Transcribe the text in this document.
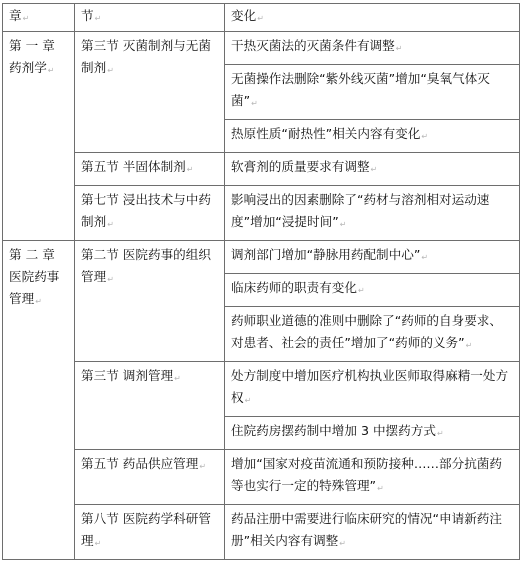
章↵	节↵	变化↵
第 一 章 药剂学↵	第三节 灭菌制剂与无菌制剂↵	干热灭菌法的灭菌条件有调整↵
		无菌操作法删除“紫外线灭菌”增加“臭氧气体灭菌”↵
		热原性质“耐热性”相关内容有变化↵
	第五节 半固体制剂↵	软膏剂的质量要求有调整↵
	第七节 浸出技术与中药制剂↵	影响浸出的因素删除了“药材与溶剂相对运动速度”增加“浸提时间”↵
第 二 章 医院药事管理↵	第二节 医院药事的组织管理↵	调剂部门增加“静脉用药配制中心”↵
		临床药师的职责有变化↵
		药师职业道德的准则中删除了“药师的自身要求、对患者、社会的责任”增加了“药师的义务”↵
	第三节 调剂管理↵	处方制度中增加医疗机构执业医师取得麻精一处方权↵
		住院药房摆药制中增加 3 中摆药方式↵
	第五节 药品供应管理↵	增加“国家对疫苗流通和预防接种……部分抗菌药等也实行一定的特殊管理”↵
	第八节 医院药学科研管理↵	药品注册中需要进行临床研究的情况“申请新药注册”相关内容有调整↵
